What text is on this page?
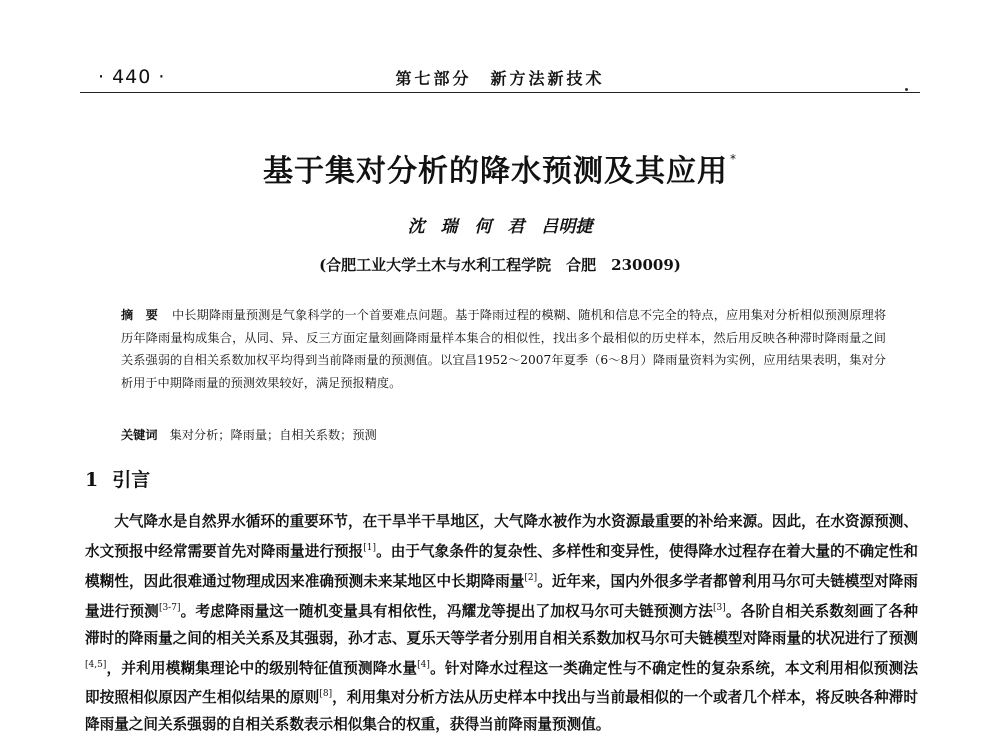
· 440 ·	第七部分　新方法新技术
基于集对分析的降水预测及其应用 *
沈 瑞　何 君　吕明捷
(合肥工业大学土木与水利工程学院　合肥　230009)
摘　要 中长期降雨量预测是气象科学的一个首要难点问题。基于降雨过程的模糊、随机和信息不完全的特点，应用集对分析相似预测原理将历年降雨量构成集合，从同、异、反三方面定量刻画降雨量样本集合的相似性，找出多个最相似的历史样本，然后用反映各种滞时降雨量之间关系强弱的自相关系数加权平均得到当前降雨量的预测值。以宜昌1952～2007年夏季（6～8月）降雨量资料为实例，应用结果表明，集对分析用于中期降雨量的预测效果较好，满足预报精度。
关键词 集对分析；降雨量；自相关系数；预测
1 引言
大气降水是自然界水循环的重要环节，在干旱半干旱地区，大气降水被作为水资源最重要的补给来源。因此，在水资源预测、水文预报中经常需要首先对降雨量进行预报[1]。由于气象条件的复杂性、多样性和变异性，使得降水过程存在着大量的不确定性和模糊性，因此很难通过物理成因来准确预测未来某地区中长期降雨量[2]。近年来，国内外很多学者都曾利用马尔可夫链模型对降雨量进行预测[3-7]。考虑降雨量这一随机变量具有相依性，冯耀龙等提出了加权马尔可夫链预测方法[3]。各阶自相关系数刻画了各种滞时的降雨量之间的相关关系及其强弱，孙才志、夏乐天等学者分别用自相关系数加权马尔可夫链模型对降雨量的状况进行了预测[4,5]，并利用模糊集理论中的级别特征值预测降水量[4]。针对降水过程这一类确定性与不确定性的复杂系统，本文利用相似预测法即按照相似原因产生相似结果的原则[8]，利用集对分析方法从历史样本中找出与当前最相似的一个或者几个样本，将反映各种滞时降雨量之间关系强弱的自相关系数表示相似集合的权重，获得当前降雨量预测值。
